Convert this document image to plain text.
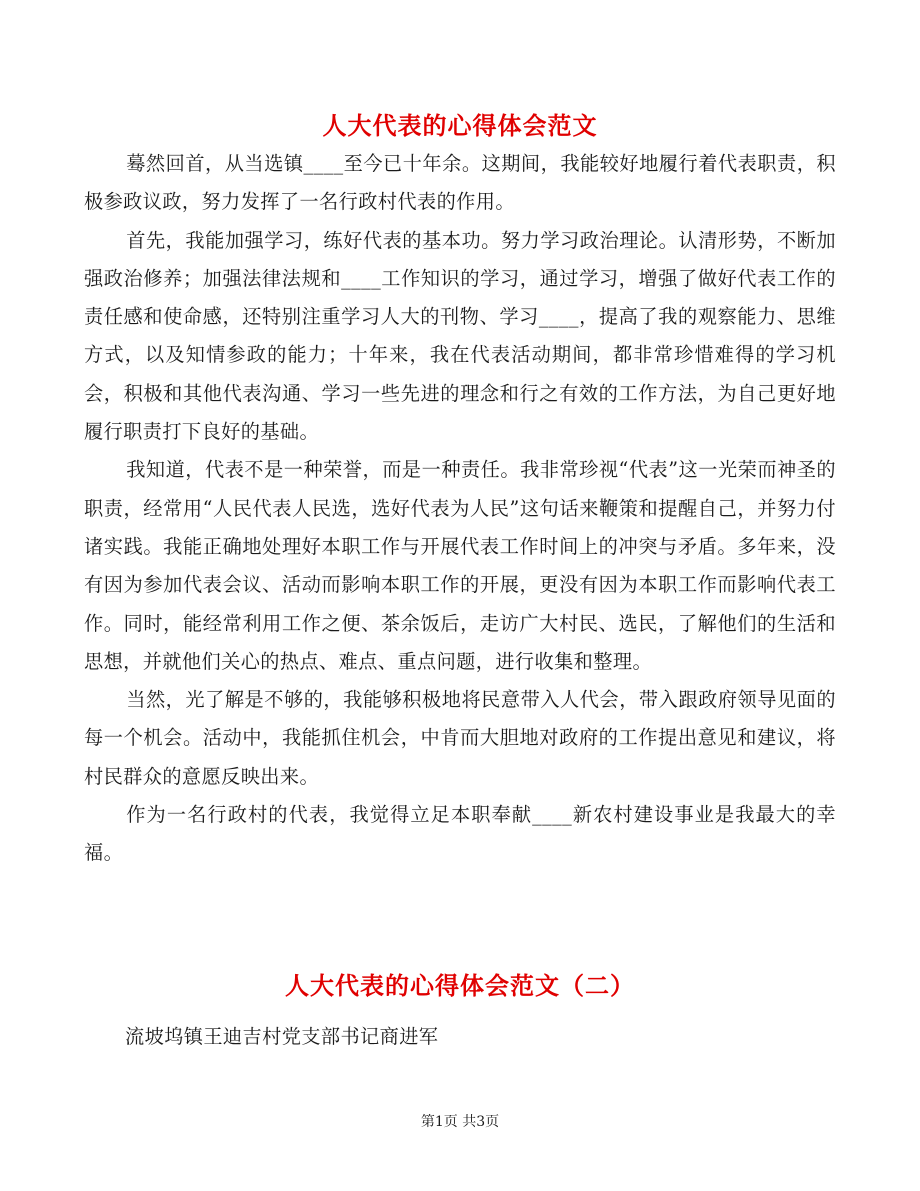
人大代表的心得体会范文

蓦然回首，从当选镇____至今已十年余。这期间，我能较好地履行着代表职责，积极参政议政，努力发挥了一名行政村代表的作用。

首先，我能加强学习，练好代表的基本功。努力学习政治理论。认清形势，不断加强政治修养；加强法律法规和____工作知识的学习，通过学习，增强了做好代表工作的责任感和使命感，还特别注重学习人大的刊物、学习____，提高了我的观察能力、思维方式，以及知情参政的能力；十年来，我在代表活动期间，都非常珍惜难得的学习机会，积极和其他代表沟通、学习一些先进的理念和行之有效的工作方法，为自己更好地履行职责打下良好的基础。

我知道，代表不是一种荣誉，而是一种责任。我非常珍视“代表”这一光荣而神圣的职责，经常用“人民代表人民选，选好代表为人民”这句话来鞭策和提醒自己，并努力付诸实践。我能正确地处理好本职工作与开展代表工作时间上的冲突与矛盾。多年来，没有因为参加代表会议、活动而影响本职工作的开展，更没有因为本职工作而影响代表工作。同时，能经常利用工作之便、茶余饭后，走访广大村民、选民，了解他们的生活和思想，并就他们关心的热点、难点、重点问题，进行收集和整理。

当然，光了解是不够的，我能够积极地将民意带入人代会，带入跟政府领导见面的每一个机会。活动中，我能抓住机会，中肯而大胆地对政府的工作提出意见和建议，将村民群众的意愿反映出来。

作为一名行政村的代表，我觉得立足本职奉献____新农村建设事业是我最大的幸福。

人大代表的心得体会范文（二）
流坡坞镇王迪吉村党支部书记商进军
第1页 共3页
